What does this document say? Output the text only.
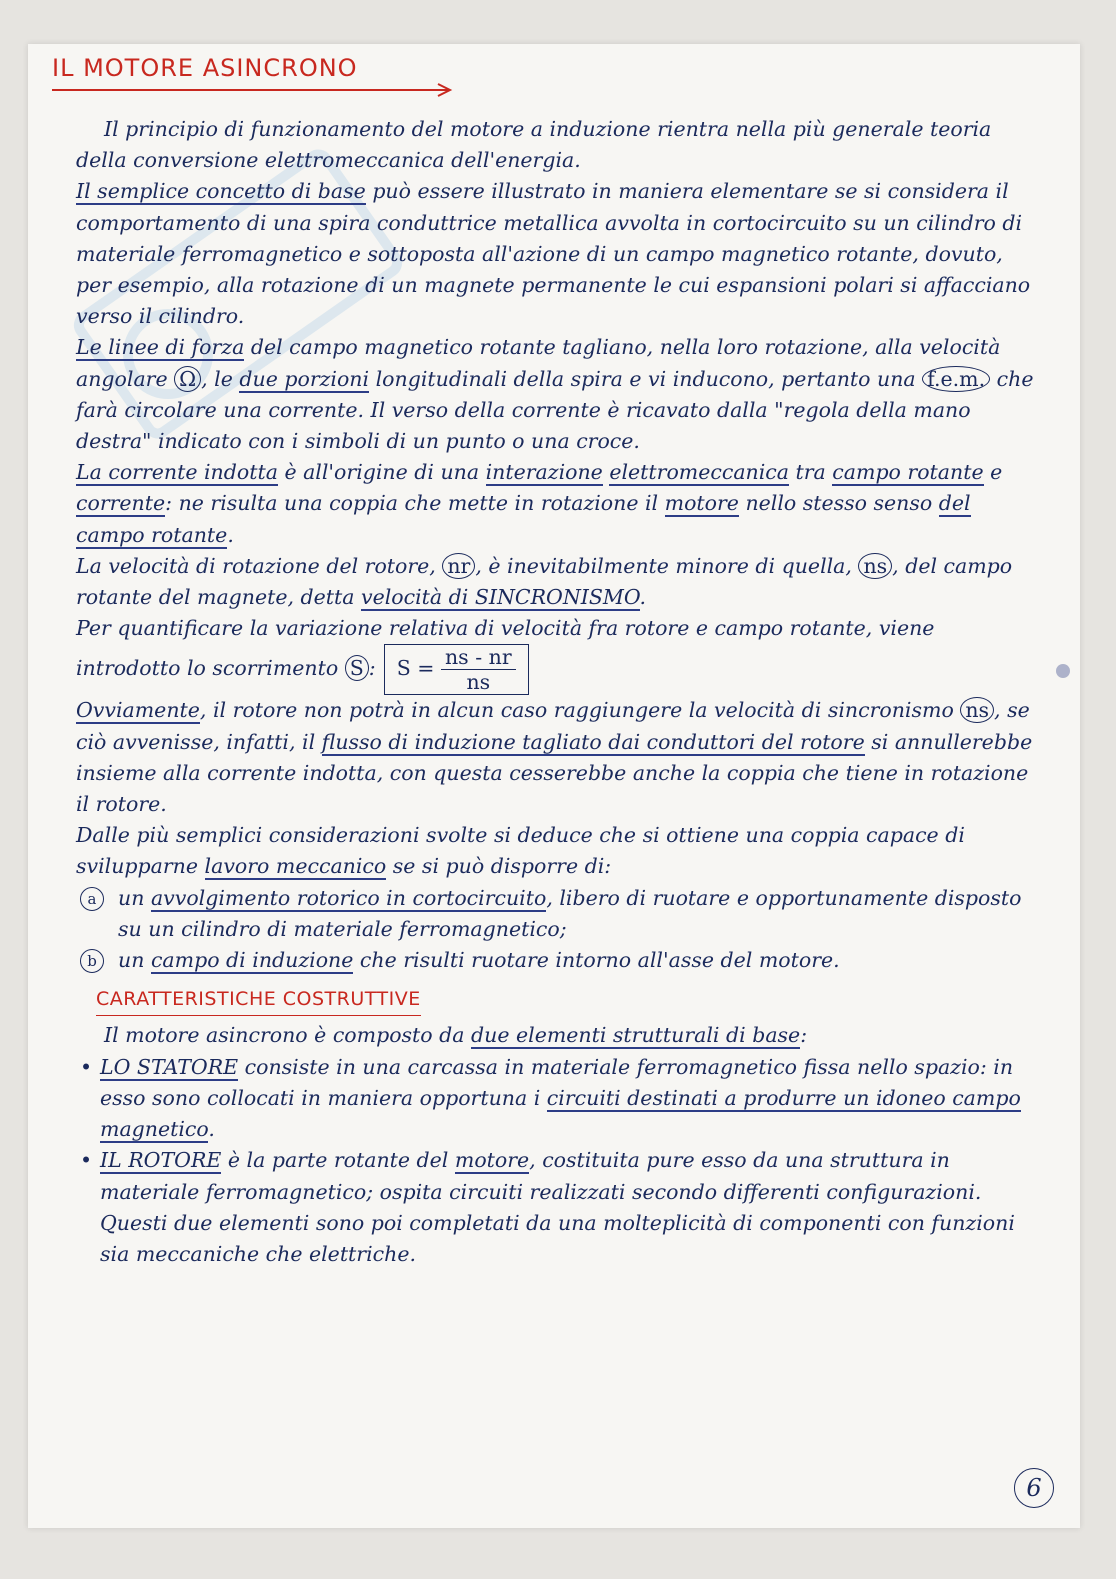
IL MOTORE ASINCRONO

Il principio di funzionamento del motore a induzione rientra nella più generale teoria della conversione elettromeccanica dell'energia.

Il semplice concetto di base può essere illustrato in maniera elementare se si considera il comportamento di una spira conduttrice metallica avvolta in cortocircuito su un cilindro di materiale ferromagnetico e sottoposta all'azione di un campo magnetico rotante, dovuto, per esempio, alla rotazione di un magnete permanente le cui espansioni polari si affacciano verso il cilindro.

Le linee di forza del campo magnetico rotante tagliano, nella loro rotazione, alla velocità angolare Ω , le due porzioni longitudinali della spira e vi inducono, pertanto una f.e.m. che farà circolare una corrente. Il verso della corrente è ricavato dalla "regola della mano destra" indicato con i simboli di un punto o una croce.

La corrente indotta è all'origine di una interazione elettromeccanica tra campo rotante e corrente: ne risulta una coppia che mette in rotazione il motore nello stesso senso del campo rotante.

La velocità di rotazione del rotore, nr , è inevitabilmente minore di quella, ns , del campo rotante del magnete, detta velocità di SINCRONISMO.

Per quantificare la variazione relativa di velocità fra rotore e campo rotante, viene introdotto lo scorrimento S : $S = \frac{ns - nr}{ns}$

Ovviamente, il rotore non potrà in alcun caso raggiungere la velocità di sincronismo ns , se ciò avvenisse, infatti, il flusso di induzione tagliato dai conduttori del rotore si annullerebbe insieme alla corrente indotta, con questa cesserebbe anche la coppia che tiene in rotazione il rotore.

Dalle più semplici considerazioni svolte si deduce che si ottiene una coppia capace di svilupparne lavoro meccanico se si può disporre di:

a	un avvolgimento rotorico in cortocircuito, libero di ruotare e opportunamente disposto su un cilindro di materiale ferromagnetico;
b	un campo di induzione che risulti ruotare intorno all'asse del motore.
CARATTERISTICHE COSTRUTTIVE

Il motore asincrono è composto da due elementi strutturali di base:

• LO STATORE consiste in una carcassa in materiale ferromagnetico fissa nello spazio: in esso sono collocati in maniera opportuna i circuiti destinati a produrre un idoneo campo magnetico.
• IL ROTORE è la parte rotante del motore, costituita pure esso da una struttura in materiale ferromagnetico; ospita circuiti realizzati secondo differenti configurazioni. Questi due elementi sono poi completati da una molteplicità di componenti con funzioni sia meccaniche che elettriche.
6
